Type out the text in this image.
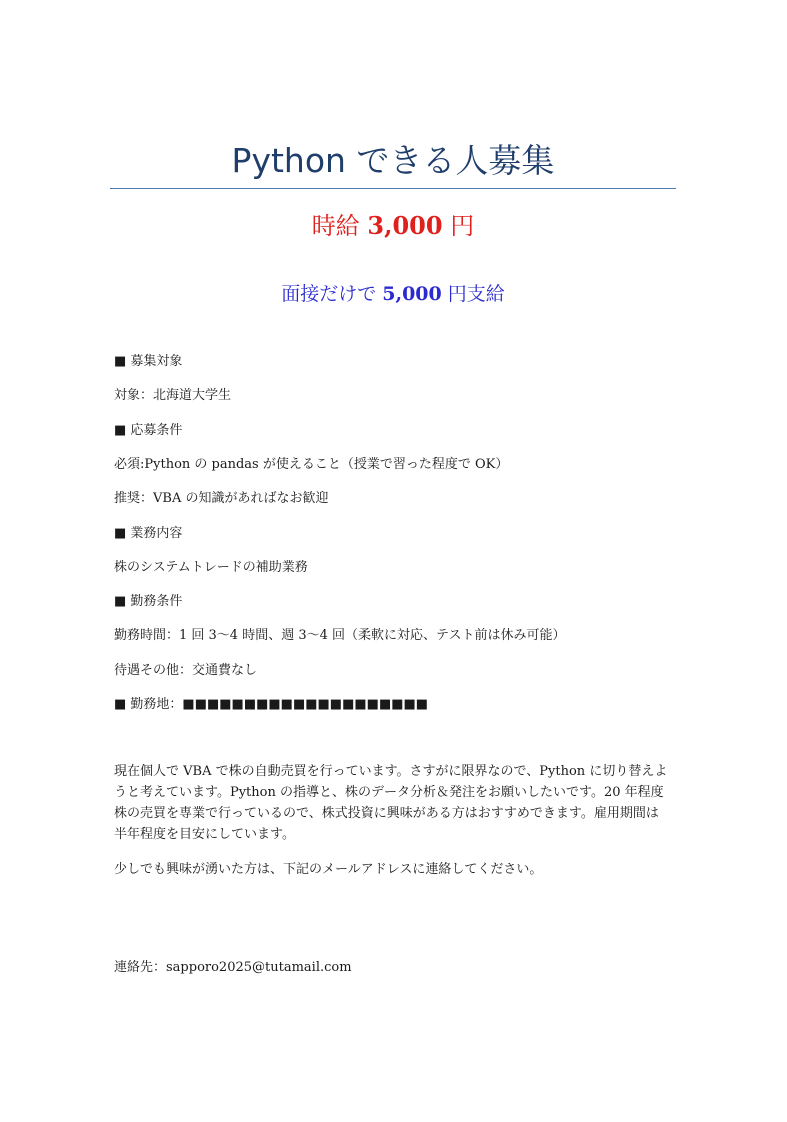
Python できる人募集
時給 3,000 円
面接だけで 5,000 円支給
■ 募集対象
対象：北海道大学生
■ 応募条件
必須:Python の pandas が使えること（授業で習った程度で OK）
推奨：VBA の知識があればなお歓迎
■ 業務内容
株のシステムトレードの補助業務
■ 勤務条件
勤務時間：1 回 3～4 時間、週 3～4 回（柔軟に対応、テスト前は休み可能）
待遇その他：交通費なし
■ 勤務地：■■■■■■■■■■■■■■■■■■■■

現在個人で VBA で株の自動売買を行っています。さすがに限界なので、Python に切り替えようと考えています。Python の指導と、株のデータ分析＆発注をお願いしたいです。20 年程度株の売買を専業で行っているので、株式投資に興味がある方はおすすめできます。雇用期間は半年程度を目安にしています。

少しでも興味が湧いた方は、下記のメールアドレスに連絡してください。

連絡先：sapporo2025@tutamail.com
